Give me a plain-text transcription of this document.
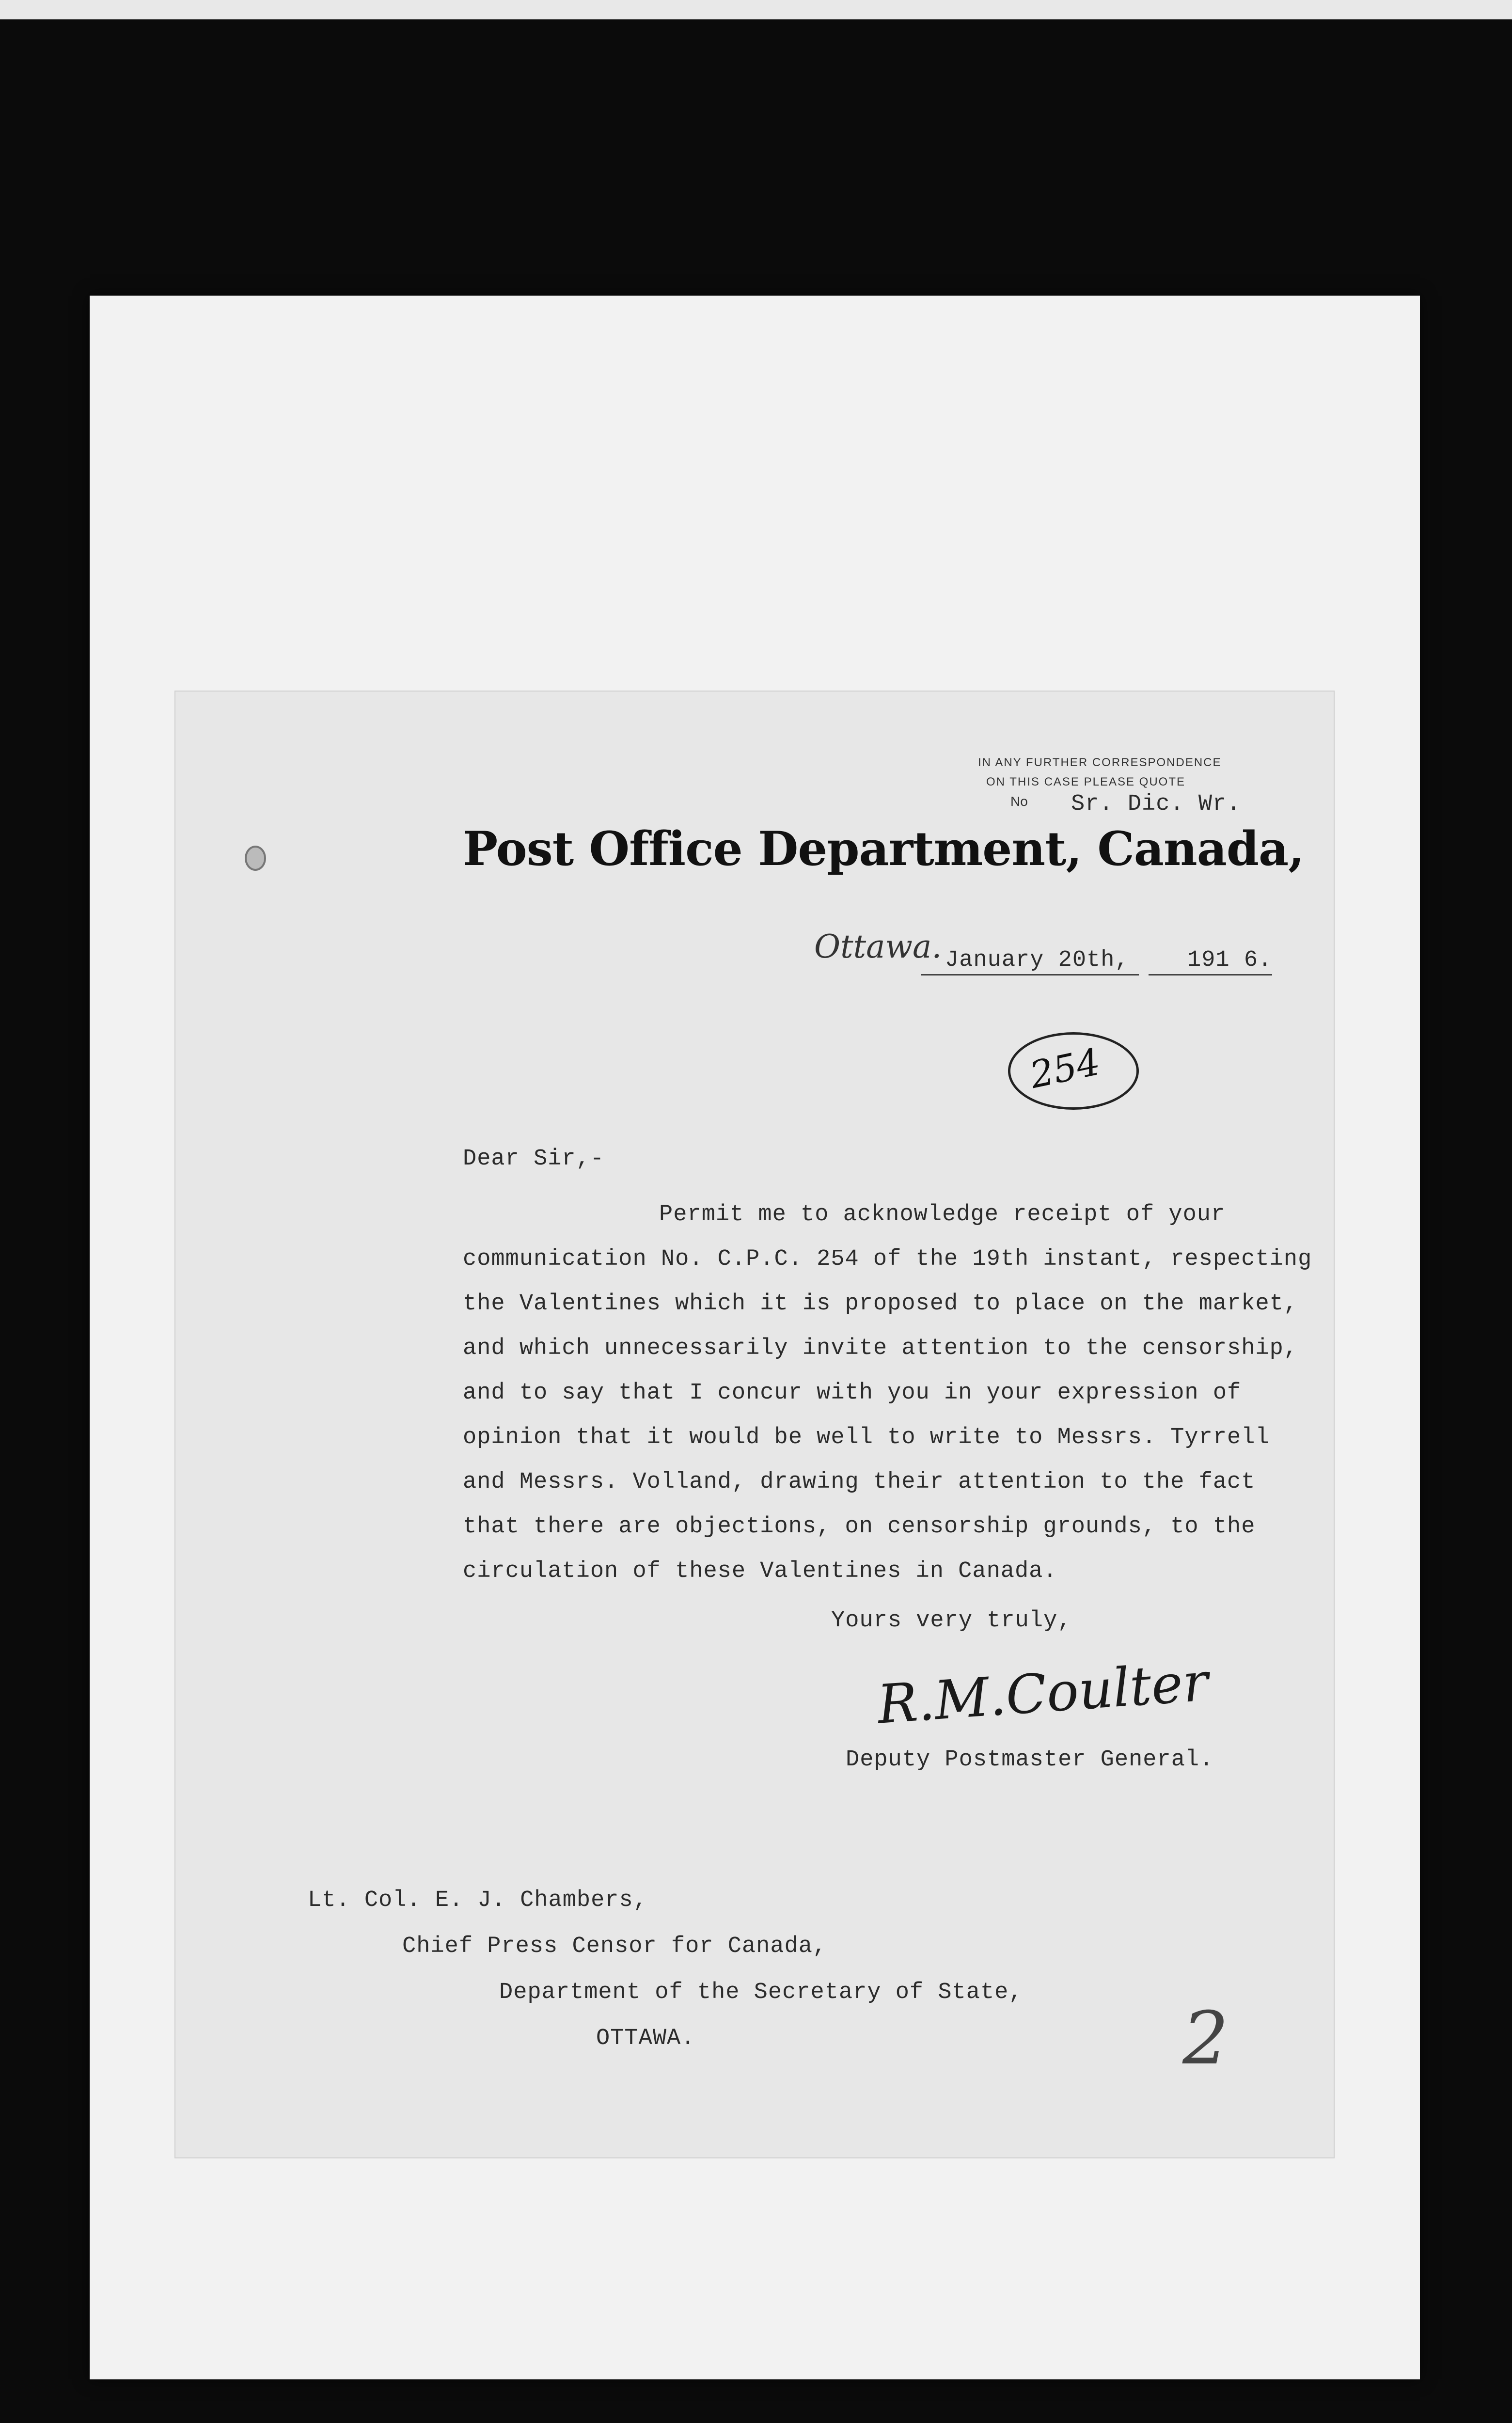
IN ANY FURTHER CORRESPONDENCE
ON THIS CASE PLEASE QUOTE
No Sr. Dic. Wr.
Post Office Department, Canada,
Ottawa. January 20th,	191 6.
254
Dear Sir,-
Permit me to acknowledge receipt of your
communication No. C.P.C. 254 of the 19th instant, respecting
the Valentines which it is proposed to place on the market,
and which unnecessarily invite attention to the censorship,
and to say that I concur with you in your expression of
opinion that it would be well to write to Messrs. Tyrrell
and Messrs. Volland, drawing their attention to the fact
that there are objections, on censorship grounds, to the
circulation of these Valentines in Canada.
Yours very truly,
R.M.Coulter
Deputy Postmaster General.
Lt. Col. E. J. Chambers,
Chief Press Censor for Canada,
Department of the Secretary of State,
OTTAWA.	2
